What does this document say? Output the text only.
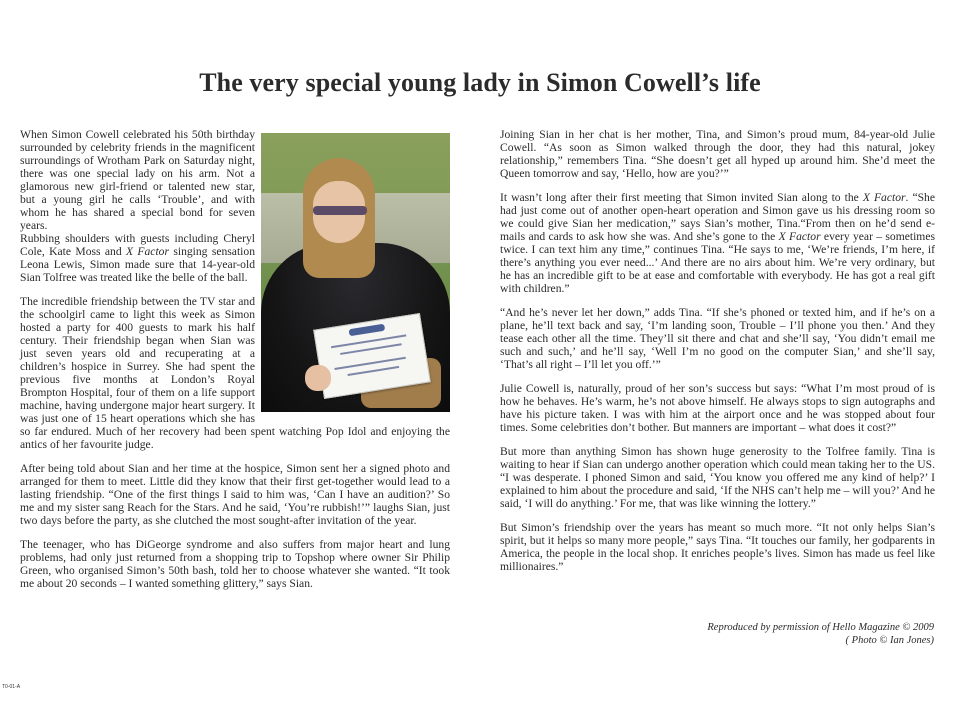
The very special young lady in Simon Cowell’s life

When Simon Cowell celebrated his 50th birthday surrounded by celebrity friends in the magnificent surroundings of Wrotham Park on Saturday night, there was one special lady on his arm. Not a glamorous new girl-friend or talented new star, but a young girl he calls ‘Trouble’, and with whom he has shared a special bond for seven years.

Rubbing shoulders with guests including Cheryl Cole, Kate Moss and X Factor singing sensation Leona Lewis, Simon made sure that 14-year-old Sian Tolfree was treated like the belle of the ball.

The incredible friendship between the TV star and the schoolgirl came to light this week as Simon hosted a party for 400 guests to mark his half century. Their friendship began when Sian was just seven years old and recuperating at a children’s hospice in Surrey. She had spent the previous five months at London’s Royal Brompton Hospital, four of them on a life support machine, having undergone major heart surgery. It was just one of 15 heart operations which she has so far endured. Much of her recovery had been spent watching Pop Idol and enjoying the antics of her favourite judge.

After being told about Sian and her time at the hospice, Simon sent her a signed photo and arranged for them to meet. Little did they know that their first get-together would lead to a lasting friendship. “One of the first things I said to him was, ‘Can I have an audition?’ So me and my sister sang Reach for the Stars. And he said, ‘You’re rubbish!’” laughs Sian, just two days before the party, as she clutched the most sought-after invitation of the year.

The teenager, who has DiGeorge syndrome and also suffers from major heart and lung problems, had only just returned from a shopping trip to Topshop where owner Sir Philip Green, who organised Simon’s 50th bash, told her to choose whatever she wanted. “It took me about 20 seconds – I wanted something glittery,” says Sian.

Joining Sian in her chat is her mother, Tina, and Simon’s proud mum, 84-year-old Julie Cowell. “As soon as Simon walked through the door, they had this natural, jokey relationship,” remembers Tina. “She doesn’t get all hyped up around him. She’d meet the Queen tomorrow and say, ‘Hello, how are you?’”

It wasn’t long after their first meeting that Simon invited Sian along to the X Factor. “She had just come out of another open-heart operation and Simon gave us his dressing room so we could give Sian her medication,” says Sian’s mother, Tina.“From then on he’d send e-mails and cards to ask how she was. And she’s gone to the X Factor every year – sometimes twice. I can text him any time,” continues Tina. “He says to me, ‘We’re friends, I’m here, if there’s anything you ever need...’ And there are no airs about him. We’re very ordinary, but he has an incredible gift to be at ease and comfortable with everybody. He has got a real gift with children.”

“And he’s never let her down,” adds Tina. “If she’s phoned or texted him, and if he’s on a plane, he’ll text back and say, ‘I’m landing soon, Trouble – I’ll phone you then.’ And they tease each other all the time. They’ll sit there and chat and she’ll say, ‘You didn’t email me such and such,’ and he’ll say, ‘Well I’m no good on the computer Sian,’ and she’ll say, ‘That’s all right – I’ll let you off.’”

Julie Cowell is, naturally, proud of her son’s success but says: “What I’m most proud of is how he behaves. He’s warm, he’s not above himself. He always stops to sign autographs and have his picture taken. I was with him at the airport once and he was stopped about four times. Some celebrities don’t bother. But manners are important – what does it cost?”

But more than anything Simon has shown huge generosity to the Tolfree family. Tina is waiting to hear if Sian can undergo another operation which could mean taking her to the US. “I was desperate. I phoned Simon and said, ‘You know you offered me any kind of help?’ I explained to him about the procedure and said, ‘If the NHS can’t help me – will you?’ And he said, ‘I will do anything.’ For me, that was like winning the lottery.”

But Simon’s friendship over the years has meant so much more. “It not only helps Sian’s spirit, but it helps so many more people,” says Tina. “It touches our family, her godparents in America, the people in the local shop. It enriches people’s lives. Simon has made us feel like millionaires.”

Reproduced by permission of Hello Magazine © 2009
( Photo © Ian Jones)
T0-01-A
